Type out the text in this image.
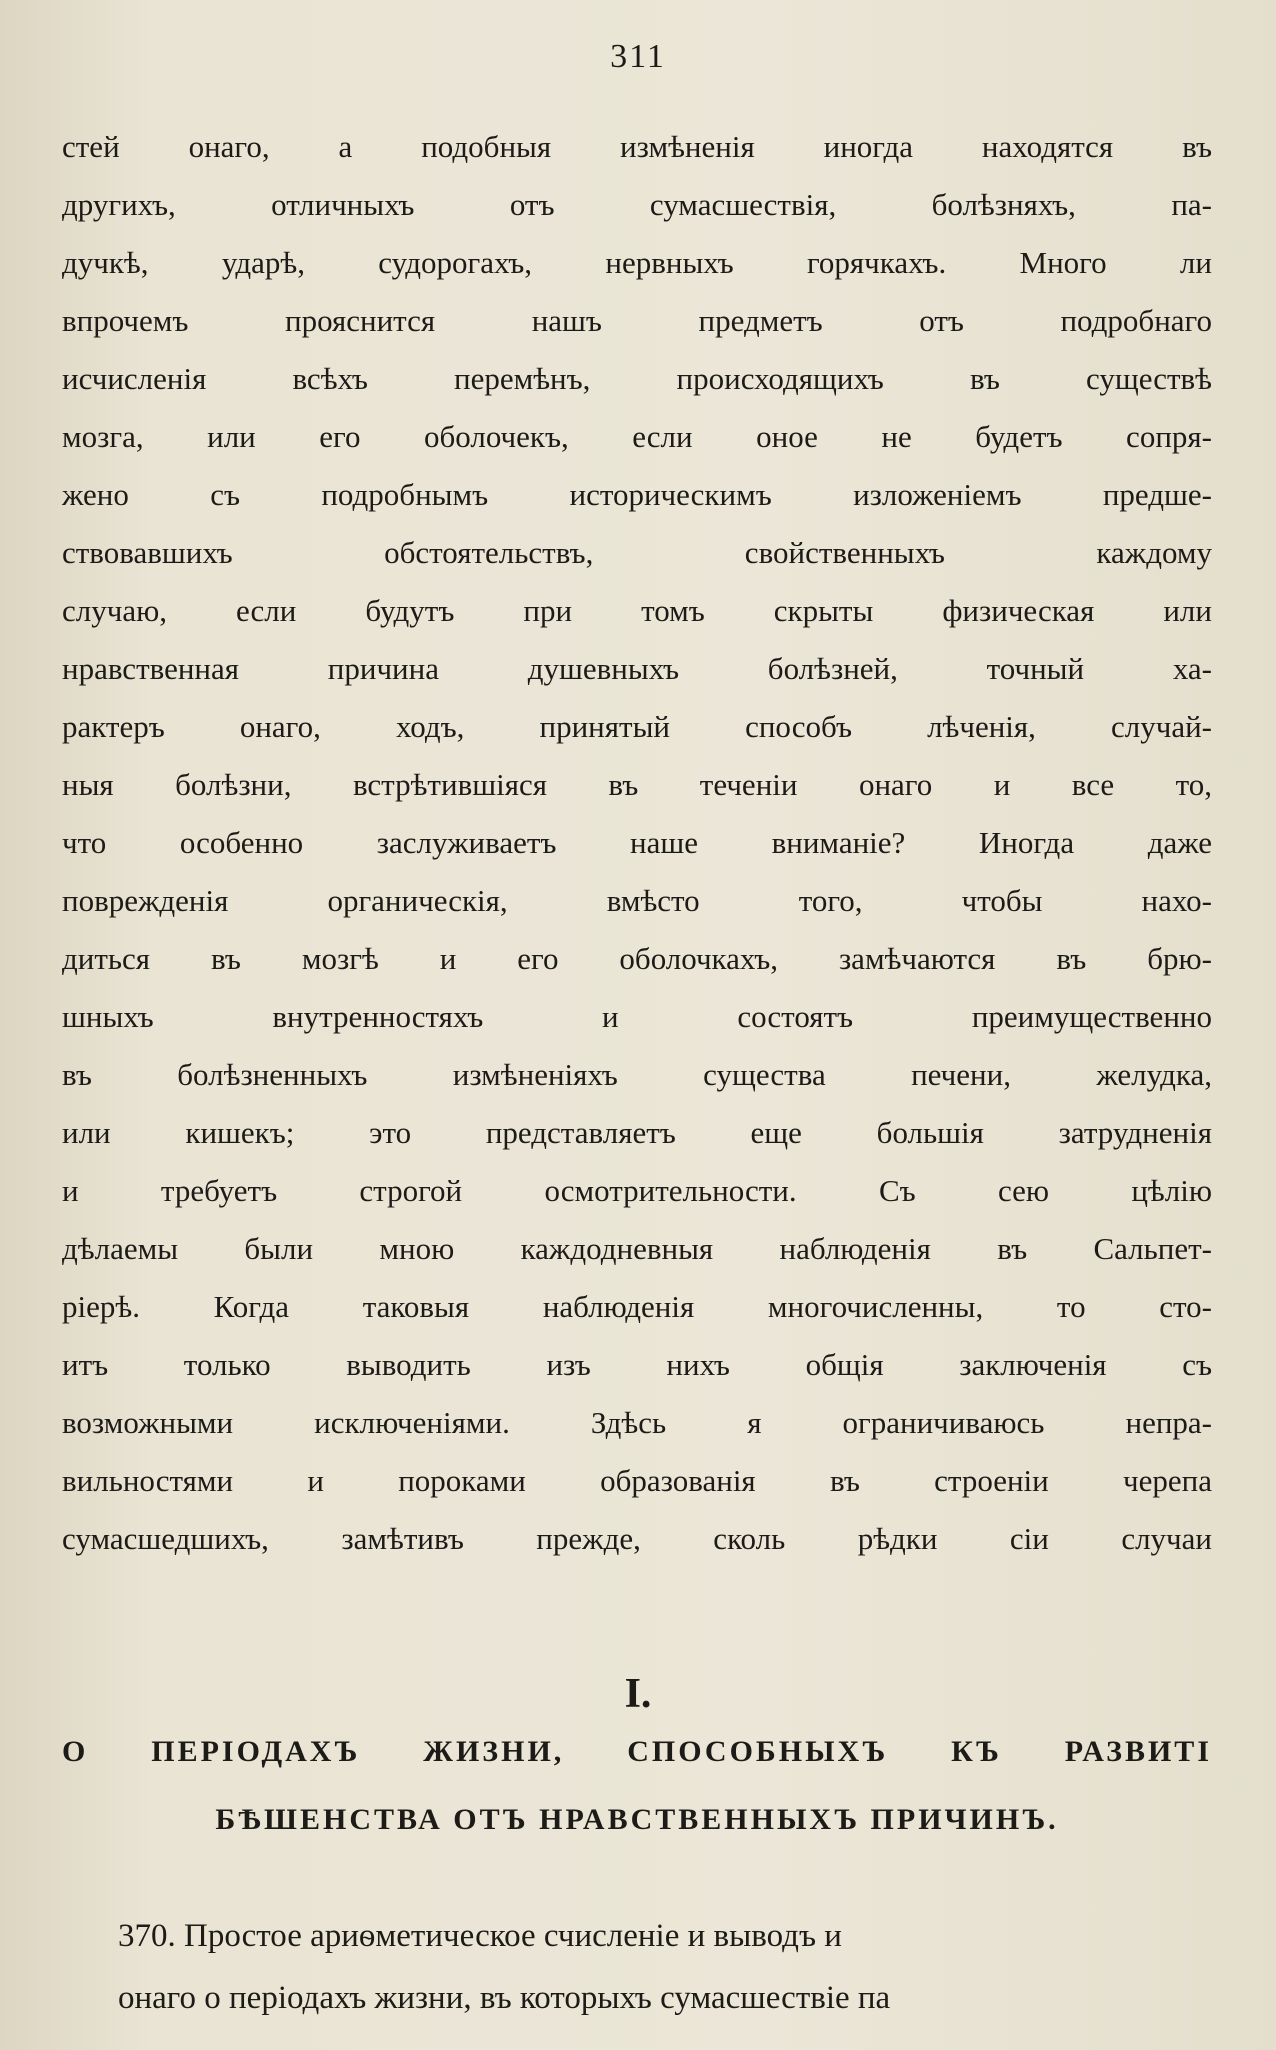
311
стей онаго, а подобныя измѣненія иногда находятся въ
другихъ, отличныхъ отъ сумасшествія, болѣзняхъ, па-
дучкѣ, ударѣ, судорогахъ, нервныхъ горячкахъ. Много ли
впрочемъ прояснится нашъ предметъ отъ подробнаго
исчисленія всѣхъ перемѣнъ, происходящихъ въ существѣ
мозга, или его оболочекъ, если оное не будетъ сопря-
жено съ подробнымъ историческимъ изложеніемъ предше-
ствовавшихъ обстоятельствъ, свойственныхъ каждому
случаю, если будутъ при томъ скрыты физическая или
нравственная причина душевныхъ болѣзней, точный ха-
рактеръ онаго, ходъ, принятый способъ лѣченія, случай-
ныя болѣзни, встрѣтившіяся въ теченіи онаго и все то,
что особенно заслуживаетъ наше вниманіе? Иногда даже
поврежденія органическія, вмѣсто того, чтобы нахо-
диться въ мозгѣ и его оболочкахъ, замѣчаются въ брю-
шныхъ внутренностяхъ и состоятъ преимущественно
въ болѣзненныхъ измѣненіяхъ существа печени, желудка,
или кишекъ; это представляетъ еще большія затрудненія
и требуетъ строгой осмотрительности. Съ сею цѣлію
дѣлаемы были мною каждодневныя наблюденія въ Сальпет-
ріерѣ. Когда таковыя наблюденія многочисленны, то сто-
итъ только выводить изъ нихъ общія заключенія съ
возможными исключеніями. Здѣсь я ограничиваюсь непра-
вильностями и пороками образованія въ строеніи черепа
сумасшедшихъ, замѣтивъ прежде, сколь рѣдки сіи случаи
I.
О ПЕРІОДАХЪ ЖИЗНИ, СПОСОБНЫХЪ КЪ РАЗВИТІ
БѢШЕНСТВА ОТЪ НРАВСТВЕННЫХЪ ПРИЧИНЪ.
370. Простое ариѳметическое счисленіе и выводъ и
онаго о періодахъ жизни, въ которыхъ сумасшествіе па
